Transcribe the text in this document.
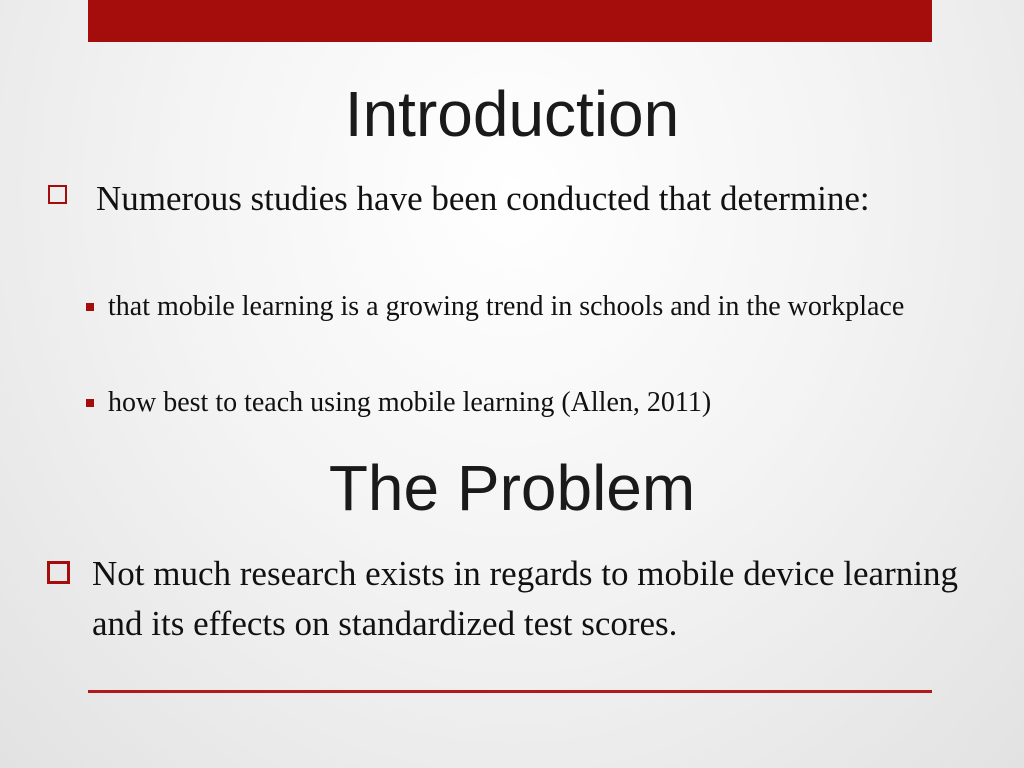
Introduction

Numerous studies have been conducted that determine:

that mobile learning is a growing trend in schools and in the workplace

how best to teach using mobile learning (Allen, 2011)

The Problem

Not much research exists in regards to mobile device learning and its effects on standardized test scores.
